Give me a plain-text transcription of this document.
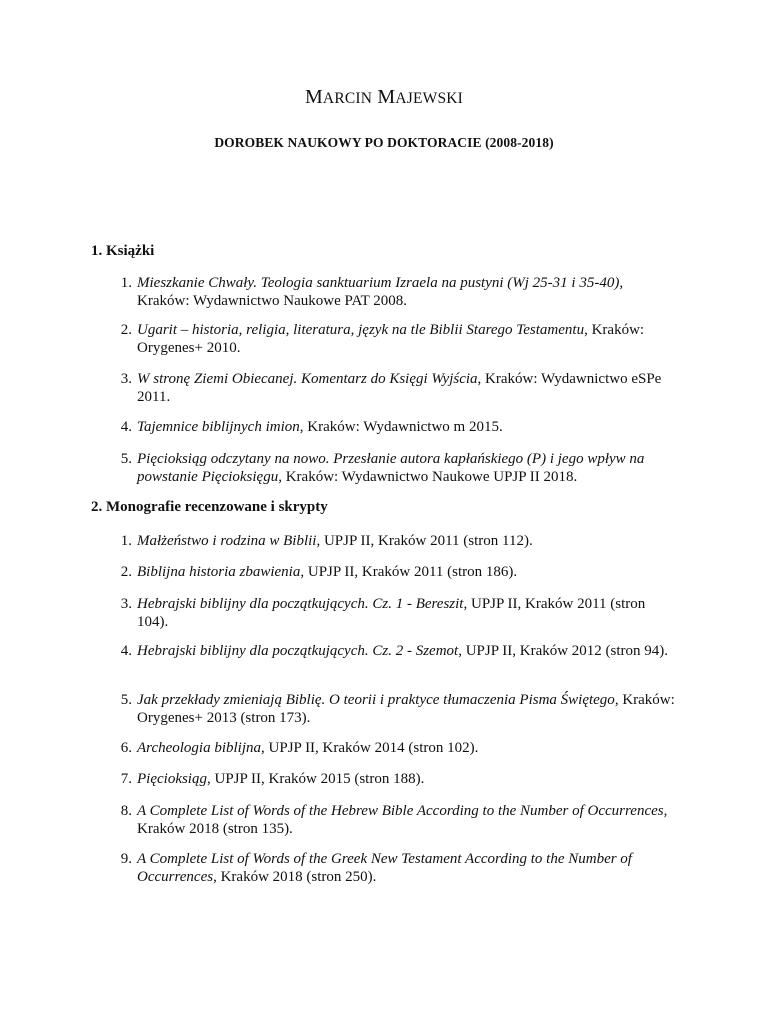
MARCIN MAJEWSKI
DOROBEK NAUKOWY PO DOKTORACIE (2008-2018)
1. Książki
1. Mieszkanie Chwały. Teologia sanktuarium Izraela na pustyni (Wj 25-31 i 35-40), Kraków: Wydawnictwo Naukowe PAT 2008.
2. Ugarit – historia, religia, literatura, język na tle Biblii Starego Testamentu, Kraków: Orygenes+ 2010.
3. W stronę Ziemi Obiecanej. Komentarz do Księgi Wyjścia, Kraków: Wydawnictwo eSPe 2011.
4. Tajemnice biblijnych imion, Kraków: Wydawnictwo m 2015.
5. Pięcioksiąg odczytany na nowo. Przesłanie autora kapłańskiego (P) i jego wpływ na powstanie Pięcioksięgu, Kraków: Wydawnictwo Naukowe UPJP II 2018.
2. Monografie recenzowane i skrypty
1. Małżeństwo i rodzina w Biblii, UPJP II, Kraków 2011 (stron 112).
2. Biblijna historia zbawienia, UPJP II, Kraków 2011 (stron 186).
3. Hebrajski biblijny dla początkujących. Cz. 1 - Bereszit, UPJP II, Kraków 2011 (stron 104).
4. Hebrajski biblijny dla początkujących. Cz. 2 - Szemot, UPJP II, Kraków 2012 (stron 94).
5. Jak przekłady zmieniają Biblię. O teorii i praktyce tłumaczenia Pisma Świętego, Kraków: Orygenes+ 2013 (stron 173).
6. Archeologia biblijna, UPJP II, Kraków 2014 (stron 102).
7. Pięcioksiąg, UPJP II, Kraków 2015 (stron 188).
8. A Complete List of Words of the Hebrew Bible According to the Number of Occurrences, Kraków 2018 (stron 135).
9. A Complete List of Words of the Greek New Testament According to the Number of Occurrences, Kraków 2018 (stron 250).
